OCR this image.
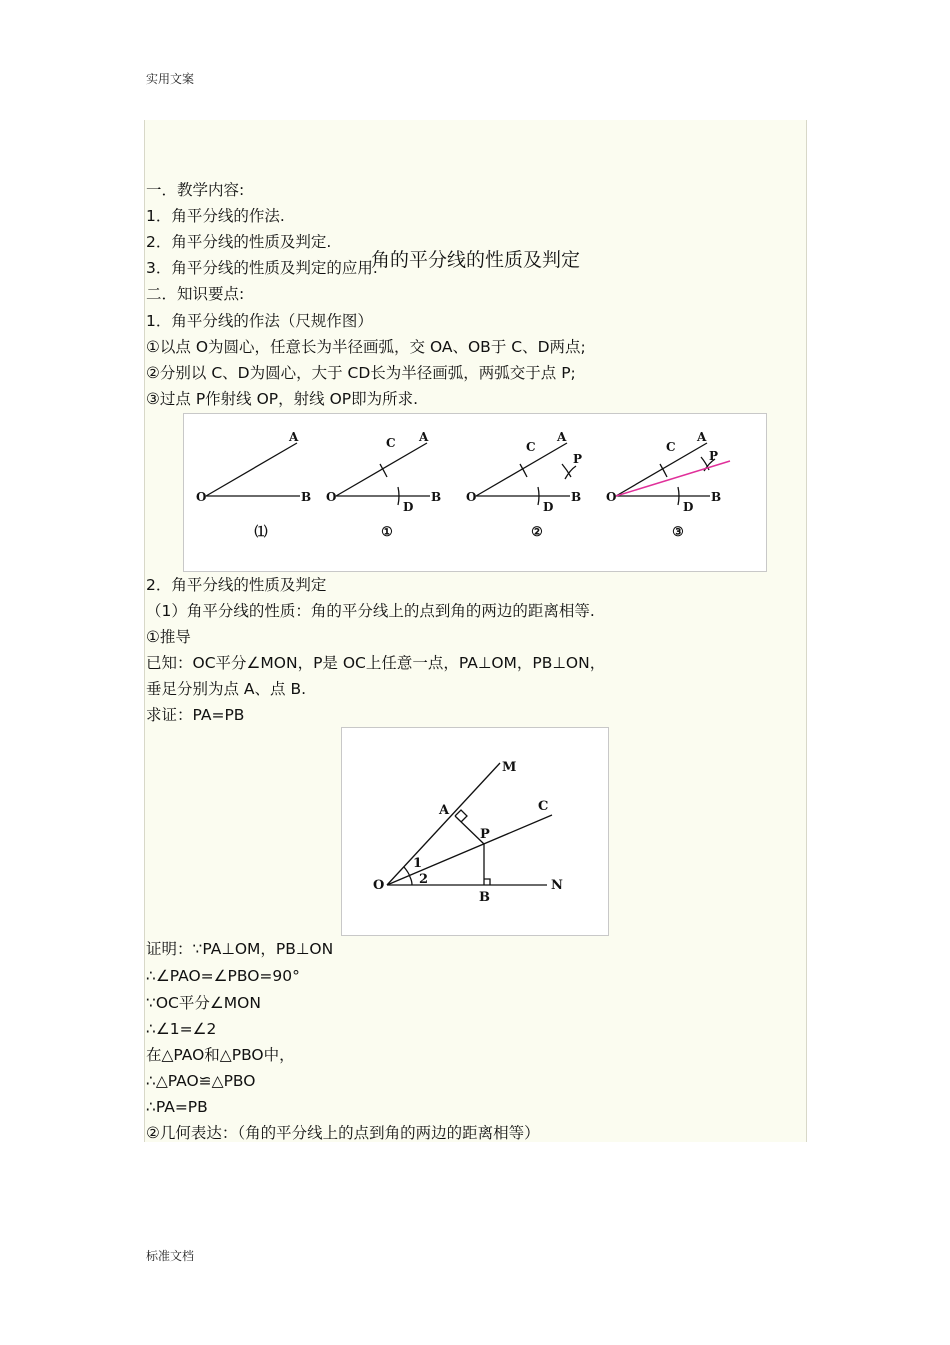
实用文案
角的平分线的性质及判定
一．教学内容:
1．角平分线的作法.
2．角平分线的性质及判定.
3．角平分线的性质及判定的应用.
二．知识要点:
1．角平分线的作法（尺规作图）
①以点 O为圆心，任意长为半径画弧，交 OA、OB于 C、D两点;
②分别以 C、D为圆心，大于 CD长为半径画弧，两弧交于点 P;
③过点 P作射线 OP，射线 OP即为所求.
O
A
B O
C A
B
D
O
C
A
B
D
P
O
C
A
B
D
P
⑴	①	②	③
2．角平分线的性质及判定
（1）角平分线的性质：角的平分线上的点到角的两边的距离相等.
①推导
已知：OC平分∠MON，P是 OC上任意一点，PA⊥OM，PB⊥ON，
垂足分别为点 A、点 B.
求证：PA=PB
O
M
C
N
A
P
B
1
2
证明：∵PA⊥OM，PB⊥ON
∴∠PAO=∠PBO=90°
∵OC平分∠MON
∴∠1=∠2
在△PAO和△PBO中，
∴△PAO≌△PBO
∴PA=PB
②几何表达：（角的平分线上的点到角的两边的距离相等）
标准文档
